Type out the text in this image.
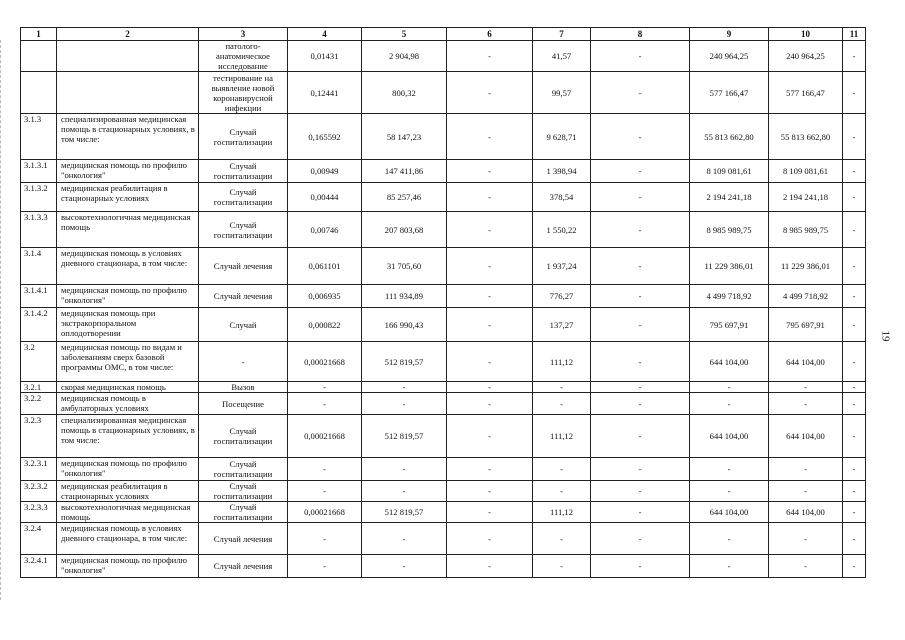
1	2	3	4	5	6	7	8	9	10	11
		патолого-анатомическое исследование	0,01431	2 904,98	-	41,57	-	240 964,25	240 964,25	-
		тестирование на выявление новой коронавирусной инфекции	0,12441	800,32	-	99,57	-	577 166,47	577 166,47	-
3.1.3	специализированная медицинская помощь в стационарных условиях, в том числе:	Случай госпитализации	0,165592	58 147,23	-	9 628,71	-	55 813 662,80	55 813 662,80	-
3.1.3.1	медицинская помощь по профилю "онкология"	Случай госпитализации	0,00949	147 411,86	-	1 398,94	-	8 109 081,61	8 109 081,61	-
3.1.3.2	медицинская реабилитация в стационарных условиях	Случай госпитализации	0,00444	85 257,46	-	378,54	-	2 194 241,18	2 194 241,18	-
3.1.3.3	высокотехнологичная медицинская помощь	Случай госпитализации	0,00746	207 803,68	-	1 550,22	-	8 985 989,75	8 985 989,75	-
3.1.4	медицинская помощь в условиях дневного стационара, в том числе:	Случай лечения	0,061101	31 705,60	-	1 937,24	-	11 229 386,01	11 229 386,01	-
3.1.4.1	медицинская помощь по профилю "онкология"	Случай лечения	0,006935	111 934,89	-	776,27	-	4 499 718,92	4 499 718,92	-
3.1.4.2	медицинская помощь при экстракорпоральном оплодотворении	Случай	0,000822	166 990,43	-	137,27	-	795 697,91	795 697,91	-
3.2	медицинская помощь по видам и заболеваниям сверх базовой программы ОМС, в том числе:	-	0,00021668	512 819,57	-	111,12	-	644 104,00	644 104,00	-
3.2.1	скорая медицинская помощь	Вызов	-	-	-	-	-	-	-	-
3.2.2	медицинская помощь в амбулаторных условиях	Посещение	-	-	-	-	-	-	-	-
3.2.3	специализированная медицинская помощь в стационарных условиях, в том числе:	Случай госпитализации	0,00021668	512 819,57	-	111,12	-	644 104,00	644 104,00	-
3.2.3.1	медицинская помощь по профилю "онкология"	Случай госпитализации	-	-	-	-	-	-	-	-
3.2.3.2	медицинская реабилитация в стационарных условиях	Случай госпитализации	-	-	-	-	-	-	-	-
3.2.3.3	высокотехнологичная медицинская помощь	Случай госпитализации	0,00021668	512 819,57	-	111,12	-	644 104,00	644 104,00	-
3.2.4	медицинская помощь в условиях дневного стационара, в том числе:	Случай лечения	-	-	-	-	-	-	-	-
3.2.4.1	медицинская помощь по профилю "онкология"	Случай лечения	-	-	-	-	-	-	-	-
19
